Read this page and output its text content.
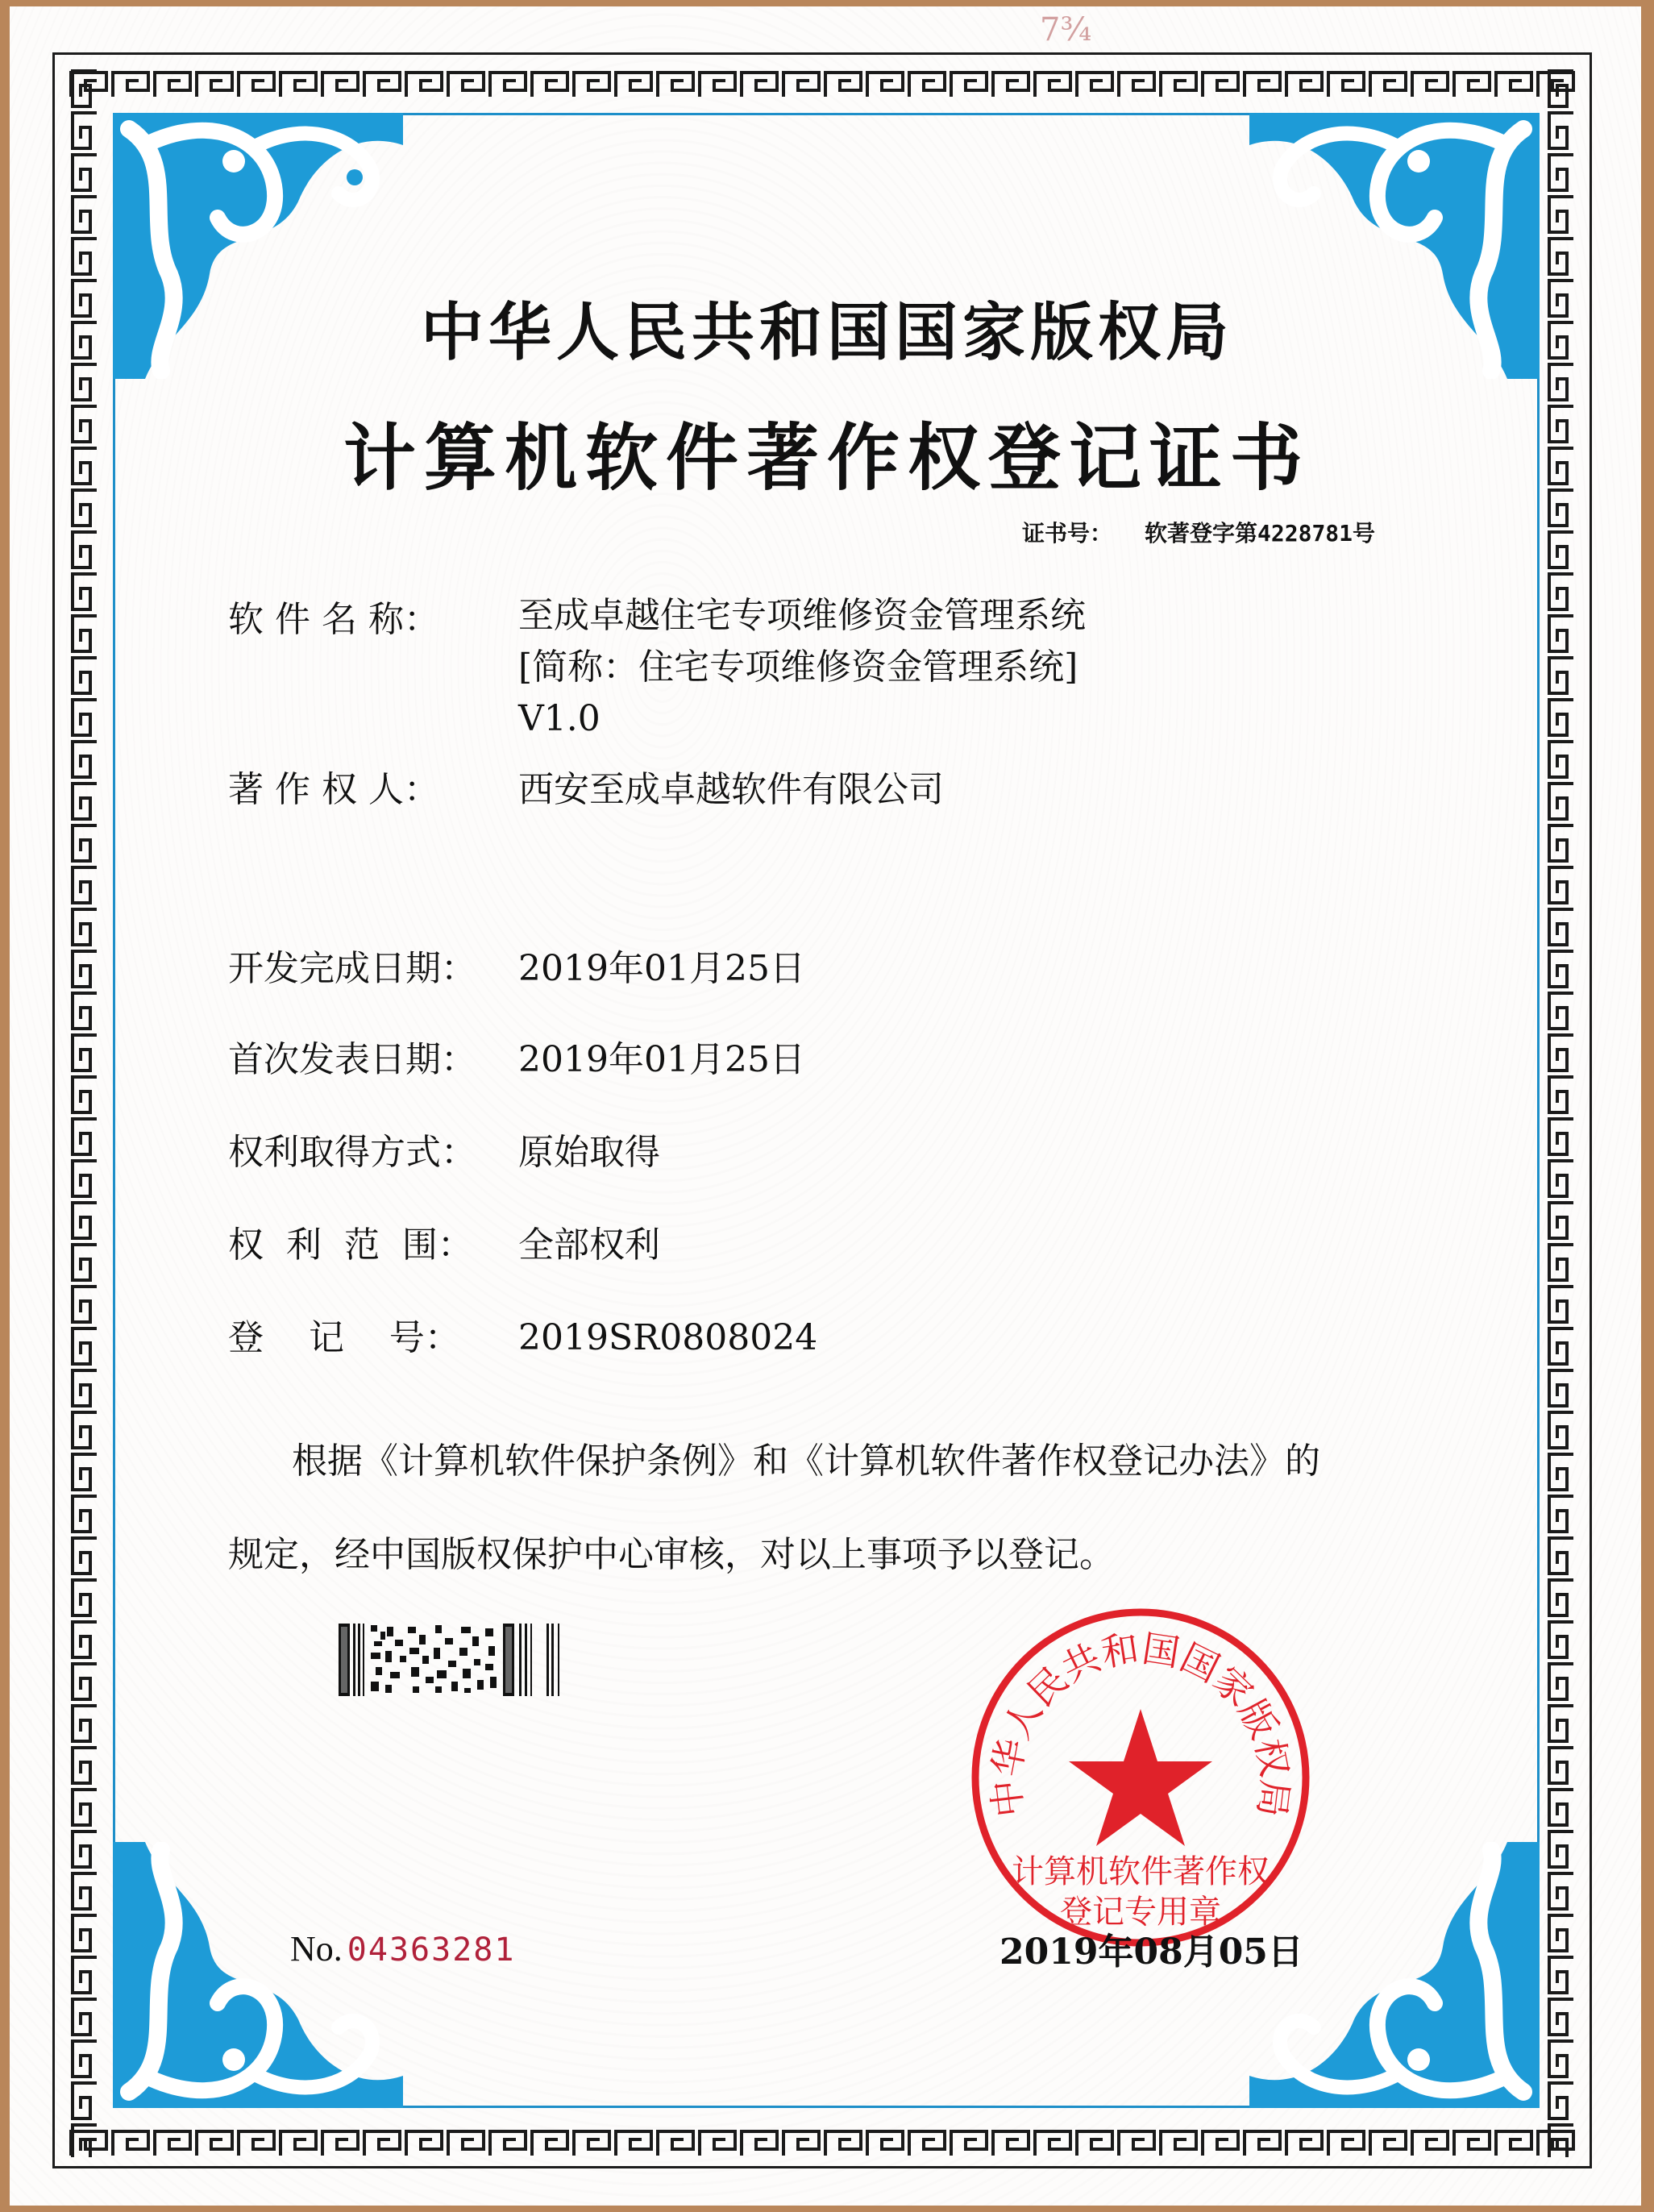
7¾
中华人民共和国国家版权局
计算机软件著作权登记证书
证书号： 软著登字第4228781号
软 件 名 称： 至成卓越住宅专项维修资金管理系统
[简称：住宅专项维修资金管理系统]
V1.0
著 作 权 人： 西安至成卓越软件有限公司
开发完成日期： 2019年01月25日
首次发表日期： 2019年01月25日
权利取得方式： 原始取得
权  利  范  围： 全部权利
登    记    号： 2019SR0808024
根据《计算机软件保护条例》和《计算机软件著作权登记办法》的
规定，经中国版权保护中心审核，对以上事项予以登记。
中华人民共和国国家版权局
计算机软件著作权
登记专用章
No. 04363281	2019年08月05日
